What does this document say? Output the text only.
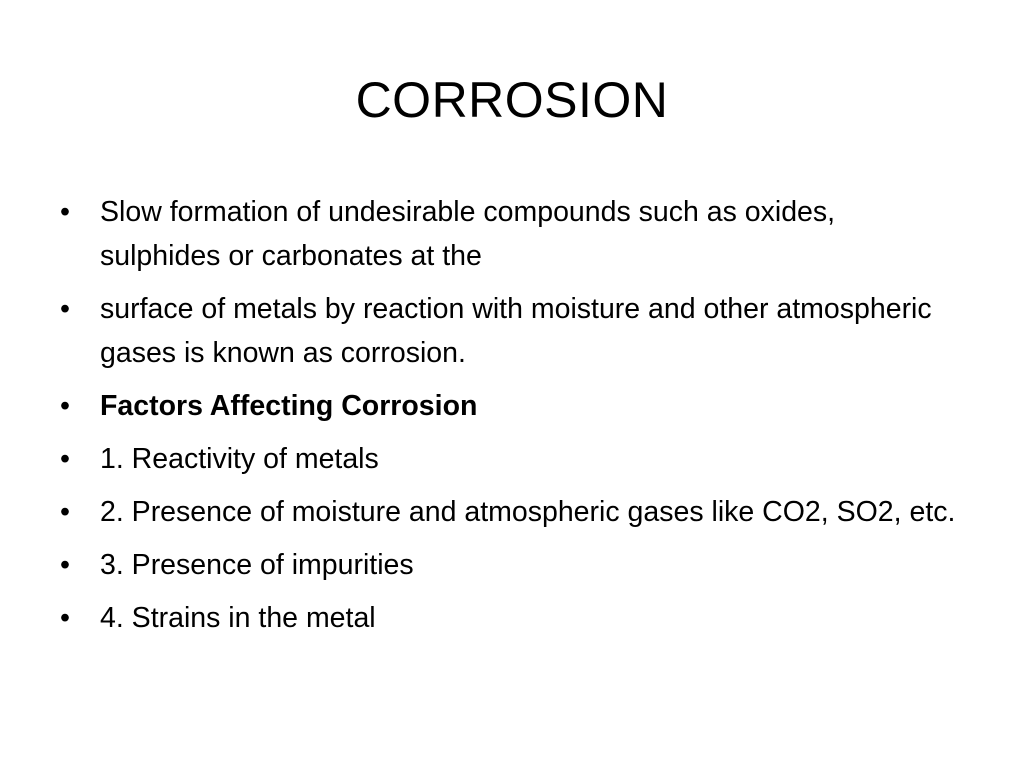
CORROSION
•	Slow formation of undesirable compounds such as oxides, sulphides or carbonates at the
•	surface of metals by reaction with moisture and other atmospheric gases is known as corrosion.
•	Factors Affecting Corrosion
•	1. Reactivity of metals
•	2. Presence of moisture and atmospheric gases like CO2, SO2, etc.
•	3. Presence of impurities
•	4. Strains in the metal
